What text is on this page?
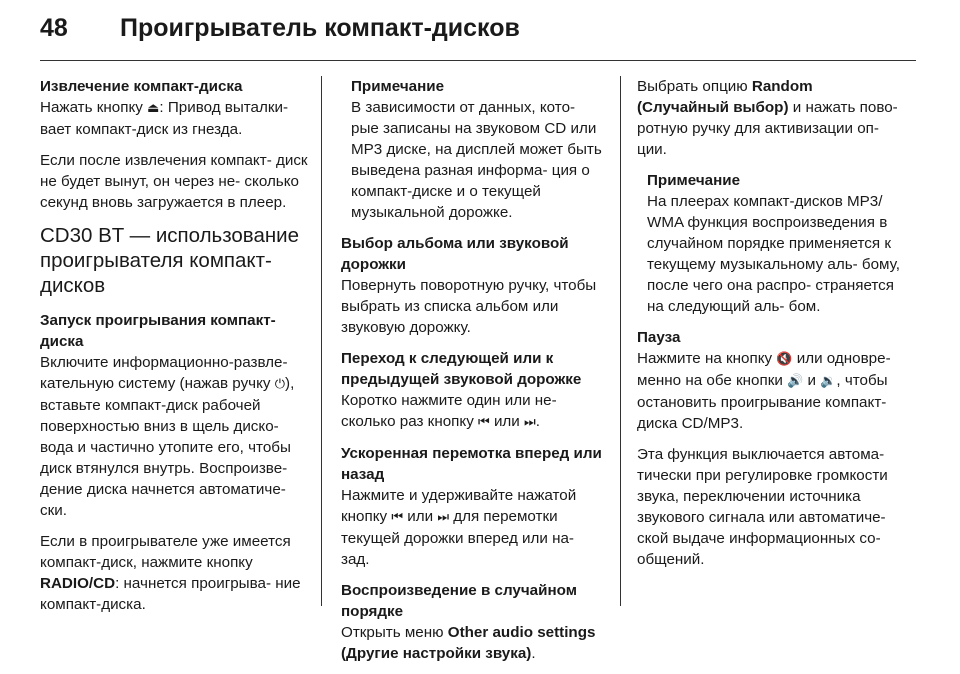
48	Проигрыватель компакт-дисков
Извлечение компакт-диска

Нажать кнопку ⏏: Привод выталки- вает компакт-диск из гнезда.

Если после извлечения компакт- диск не будет вынут, он через не- сколько секунд вновь загружается в плеер.

CD30 BT — использование проигрывателя компакт-дисков
Запуск проигрывания компакт-диска

Включите информационно-развле- кательную систему (нажав ручку ⏻), вставьте компакт-диск рабочей поверхностью вниз в щель диско- вода и частично утопите его, чтобы диск втянулся внутрь. Воспроизве- дение диска начнется автоматиче- ски.

Если в проигрывателе уже имеется компакт-диск, нажмите кнопку RADIO/CD: начнется проигрыва- ние компакт-диска.

Примечание
В зависимости от данных, кото- рые записаны на звуковом CD или MP3 диске, на дисплей может быть выведена разная информа- ция о компакт-диске и о текущей музыкальной дорожке.
Выбор альбома или звуковой дорожки

Повернуть поворотную ручку, чтобы выбрать из списка альбом или звуковую дорожку.

Переход к следующей или к предыдущей звуковой дорожке

Коротко нажмите один или не- сколько раз кнопку ⏮ или ⏭.

Ускоренная перемотка вперед или назад

Нажмите и удерживайте нажатой кнопку ⏮ или ⏭ для перемотки текущей дорожки вперед или на- зад.

Воспроизведение в случайном порядке

Открыть меню Other audio settings (Другие настройки звука).

Выбрать опцию Random (Случайный выбор) и нажать пово- ротную ручку для активизации оп- ции.

Примечание
На плеерах компакт-дисков MP3/ WMA функция воспроизведения в случайном порядке применяется к текущему музыкальному аль- бому, после чего она распро- страняется на следующий аль- бом.
Пауза

Нажмите на кнопку 🔇 или одновре- менно на обе кнопки 🔊 и 🔉, чтобы остановить проигрывание компакт- диска CD/MP3.

Эта функция выключается автома- тически при регулировке громкости звука, переключении источника звукового сигнала или автоматиче- ской выдаче информационных со- общений.
